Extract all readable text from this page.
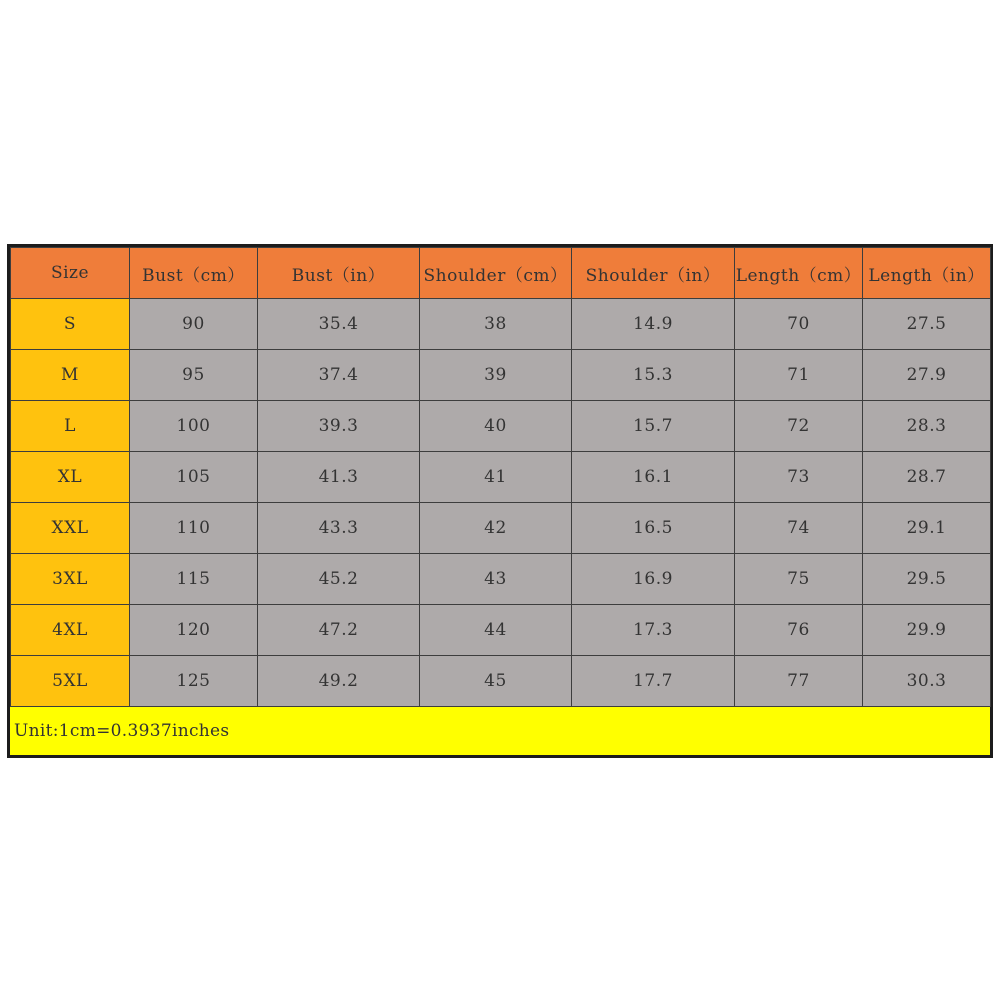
Size	Bust（cm）	Bust（in）	Shoulder（cm）	Shoulder（in）	Length（cm）	Length（in）
S	90	35.4	38	14.9	70	27.5
M	95	37.4	39	15.3	71	27.9
L	100	39.3	40	15.7	72	28.3
XL	105	41.3	41	16.1	73	28.7
XXL	110	43.3	42	16.5	74	29.1
3XL	115	45.2	43	16.9	75	29.5
4XL	120	47.2	44	17.3	76	29.9
5XL	125	49.2	45	17.7	77	30.3
Unit:1cm=0.3937inches
